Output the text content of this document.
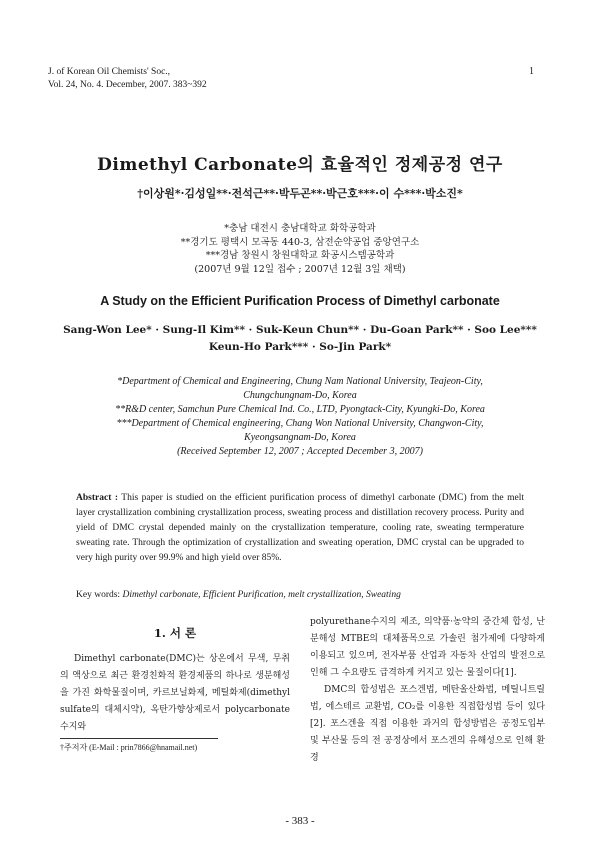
J. of Korean Oil Chemists' Soc.,
Vol. 24, No. 4. December, 2007. 383~392
1
Dimethyl Carbonate의 효율적인 정제공정 연구
†이상원*·김성일**·전석근**·박두곤**·박근호***·이 수***·박소진*
*충남 대전시 충남대학교 화학공학과
**경기도 평택시 모곡동 440-3, 삼전순약공업 중앙연구소
***경남 창원시 창원대학교 화공시스템공학과
(2007년 9월 12일 접수 ; 2007년 12월 3일 채택)
A Study on the Efficient Purification Process of Dimethyl carbonate
Sang-Won Lee* · Sung-Il Kim** · Suk-Keun Chun** · Du-Goan Park** · Soo Lee***
Keun-Ho Park*** · So-Jin Park*
*Department of Chemical and Engineering, Chung Nam National University, Teajeon-City,
Chungchungnam-Do, Korea
**R&D center, Samchun Pure Chemical Ind. Co., LTD, Pyongtack-City, Kyungki-Do, Korea
***Department of Chemical engineering, Chang Won National University, Changwon-City,
Kyeongsangnam-Do, Korea
(Received September 12, 2007 ; Accepted December 3, 2007)
Abstract : This paper is studied on the efficient purification process of dimethyl carbonate (DMC) from the melt layer crystallization combining crystallization process, sweating process and distillation recovery process. Purity and yield of DMC crystal depended mainly on the crystallization temperature, cooling rate, sweating termperature sweating rate. Through the optimization of crystallization and sweating operation, DMC crystal can be upgraded to very high purity over 99.9% and high yield over 85%.
Key words: Dimethyl carbonate, Efficient Purification, melt crystallization, Sweating
1. 서 론

Dimethyl carbonate(DMC)는 상온에서 무색, 무취의 액상으로 최근 환경친화적 환경제품의 하나로 생분해성을 가진 화학물질이며, 카르보닐화제, 메틸화제(dimethyl sulfate의 대체시약), 옥탄가향상제로서 polycarbonate수지와

polyurethane수지의 제조, 의약품·농약의 중간체 합성, 난분해성 MTBE의 대체품목으로 가솔린 첨가제에 다양하게 이용되고 있으며, 전자부품 산업과 자동차 산업의 발전으로 인해 그 수요량도 급격하게 커지고 있는 물질이다[1].

DMC의 합성법은 포스겐법, 메탄올산화법, 메틸니트릴법, 에스테르 교환법, CO₂를 이용한 직접합성법 등이 있다[2]. 포스겐을 직접 이용한 과거의 합성방법은 공정도입부 및 부산물 등의 전 공정상에서 포스겐의 유해성으로 인해 환경

†주저자 (E-Mail : prin7866@hnamail.net)
- 383 -
